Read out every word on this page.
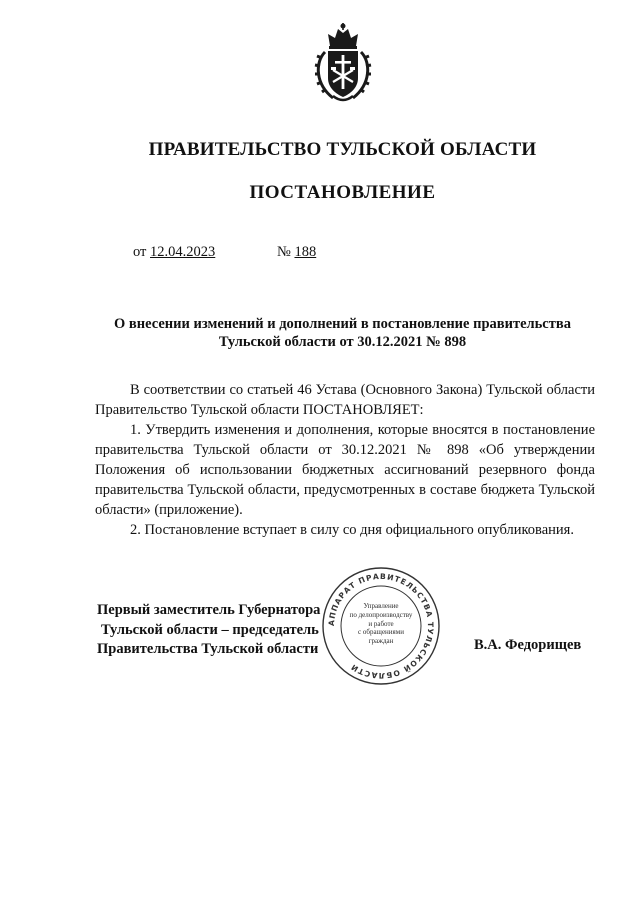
ПРАВИТЕЛЬСТВО ТУЛЬСКОЙ ОБЛАСТИ
ПОСТАНОВЛЕНИЕ
от 12.04.2023	№ 188
О внесении изменений и дополнений в постановление правительства
Тульской области от 30.12.2021 № 898

В соответствии со статьей 46 Устава (Основного Закона) Тульской области Правительство Тульской области ПОСТАНОВЛЯЕТ:

1. Утвердить изменения и дополнения, которые вносятся в постановление правительства Тульской области от 30.12.2021 № 898 «Об утверждении Положения об использовании бюджетных ассигнований резервного фонда правительства Тульской области, предусмотренных в составе бюджета Тульской области» (приложение).

2. Постановление вступает в силу со дня официального опубликования.

АППАРАТ ПРАВИТЕЛЬСТВА ТУЛЬСКОЙ ОБЛАСТИ
Управление
по делопроизводству
и работе
с обращениями
граждан
Первый заместитель Губернатора
Тульской области – председатель
Правительства Тульской области	В.А. Федорищев
